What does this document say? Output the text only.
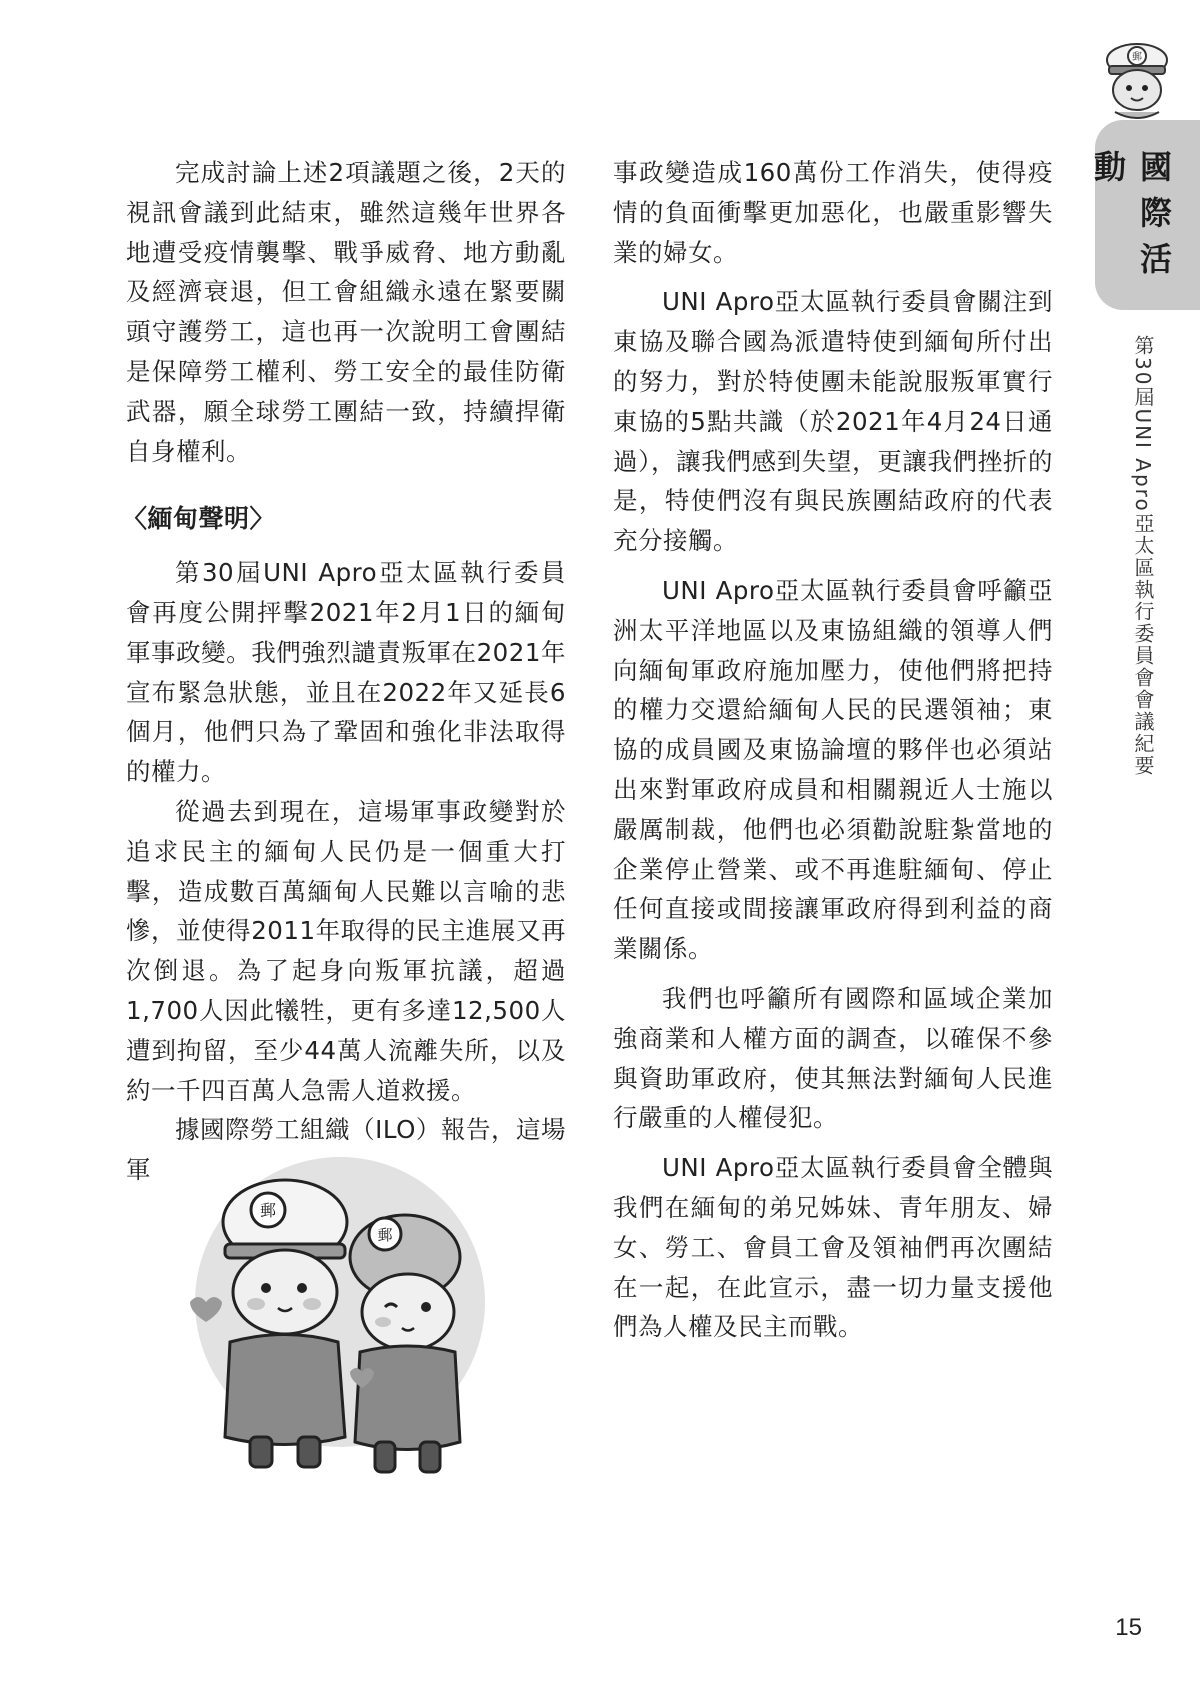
郵
國際活動
第30屆UNI Apro亞太區執行委員會會議紀要

完成討論上述2項議題之後，2天的視訊會議到此結束，雖然這幾年世界各地遭受疫情襲擊、戰爭威脅、地方動亂及經濟衰退，但工會組織永遠在緊要關頭守護勞工，這也再一次說明工會團結是保障勞工權利、勞工安全的最佳防衛武器，願全球勞工團結一致，持續捍衛自身權利。

〈緬甸聲明〉

第30屆UNI Apro亞太區執行委員會再度公開抨擊2021年2月1日的緬甸軍事政變。我們強烈譴責叛軍在2021年宣布緊急狀態，並且在2022年又延長6個月，他們只為了鞏固和強化非法取得的權力。

從過去到現在，這場軍事政變對於追求民主的緬甸人民仍是一個重大打擊，造成數百萬緬甸人民難以言喻的悲慘，並使得2011年取得的民主進展又再次倒退。為了起身向叛軍抗議，超過1,700人因此犧牲，更有多達12,500人遭到拘留，至少44萬人流離失所，以及約一千四百萬人急需人道救援。

據國際勞工組織（ILO）報告，這場軍

事政變造成160萬份工作消失，使得疫情的負面衝擊更加惡化，也嚴重影響失業的婦女。

UNI Apro亞太區執行委員會關注到東協及聯合國為派遣特使到緬甸所付出的努力，對於特使團未能說服叛軍實行東協的5點共識（於2021年4月24日通過），讓我們感到失望，更讓我們挫折的是，特使們沒有與民族團結政府的代表充分接觸。

UNI Apro亞太區執行委員會呼籲亞洲太平洋地區以及東協組織的領導人們向緬甸軍政府施加壓力，使他們將把持的權力交還給緬甸人民的民選領袖；東協的成員國及東協論壇的夥伴也必須站出來對軍政府成員和相關親近人士施以嚴厲制裁，他們也必須勸說駐紮當地的企業停止營業、或不再進駐緬甸、停止任何直接或間接讓軍政府得到利益的商業關係。

我們也呼籲所有國際和區域企業加強商業和人權方面的調查，以確保不參與資助軍政府，使其無法對緬甸人民進行嚴重的人權侵犯。

UNI Apro亞太區執行委員會全體與我們在緬甸的弟兄姊妹、青年朋友、婦女、勞工、會員工會及領袖們再次團結在一起，在此宣示，盡一切力量支援他們為人權及民主而戰。

郵
郵
15
